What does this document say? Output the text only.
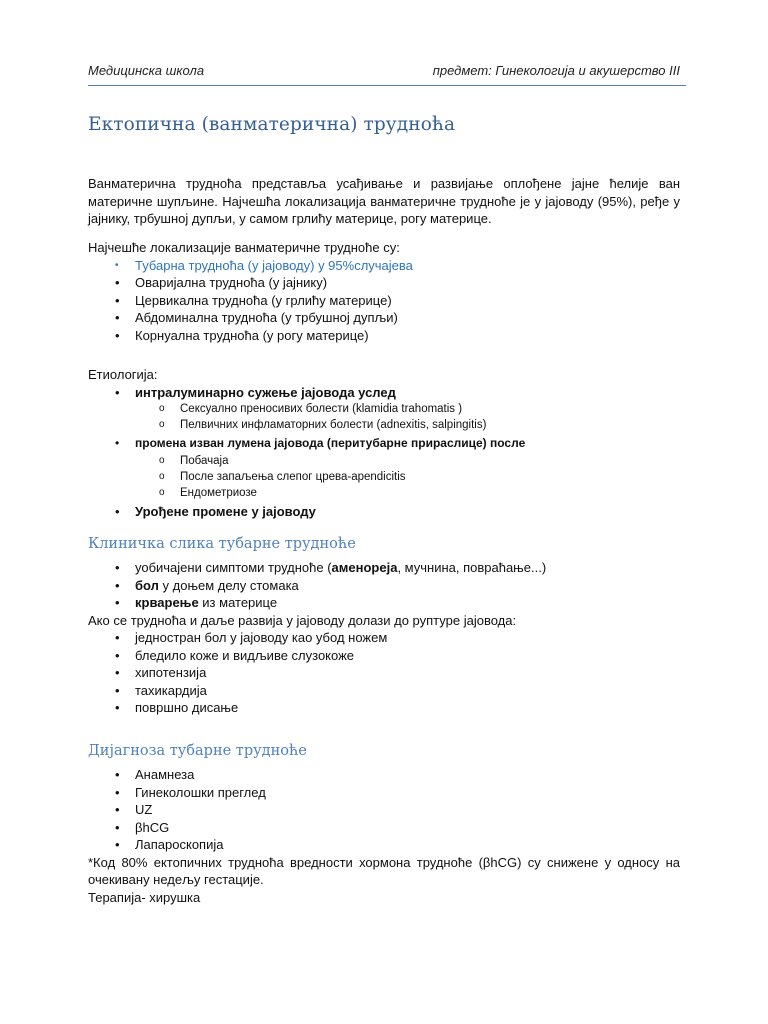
Медицинска школа	предмет: Гинекологија и акушерство III
Ектопична (ванматерична) трудноћа

Ванматерична трудноћа представља усађивање и развијање оплођене јајне ћелије ван материчне шупљине. Најчешћа локализација ванматеричне трудноће је у јајоводу (95%), ређе у јајнику, трбушној дупљи, у самом грлићу материце, рогу материце.

Најчешће локализације ванматеричне трудноће су:

• Тубарна трудноћа (у јајоводу) у 95%случајева
• Оваријална трудноћа (у јајнику)
• Цервикална трудноћа (у грлићу материце)
• Абдоминална трудноћа (у трбушној дупљи)
• Корнуална трудноћа (у рогу материце)

Етиологија:

• интралуминарно сужење јајовода услед
o Сексуално преносивих болести (klamidia trahomatis )
o Пелвичних инфламаторних болести (adnexitis, salpingitis)
• промена изван лумена јајовода (перитубарне прираслице) после
o Побачаја
o После запаљења слепог црева-apendicitis
o Ендометриозе
• Урођене промене у јајоводу
Клиничка слика тубарне трудноће
• уобичајени симптоми трудноће (аменореја, мучнина, повраћање...)
• бол у доњем делу стомака
• крварење из материце

Ако се трудноћа и даље развија у јајоводу долази до руптуре јајовода:

• једностран бол у јајоводу као убод ножем
• бледило коже и видљиве слузокоже
• хипотензија
• тахикардија
• површно дисање
Дијагноза тубарне трудноће
• Анамнеза
• Гинеколошки преглед
• UZ
• βhCG
• Лапароскопија

*Код 80% ектопичних трудноћа вредности хормона трудноће (βhCG) су снижене у односу на очекивану недељу гестације.

Терапија- хирушка
